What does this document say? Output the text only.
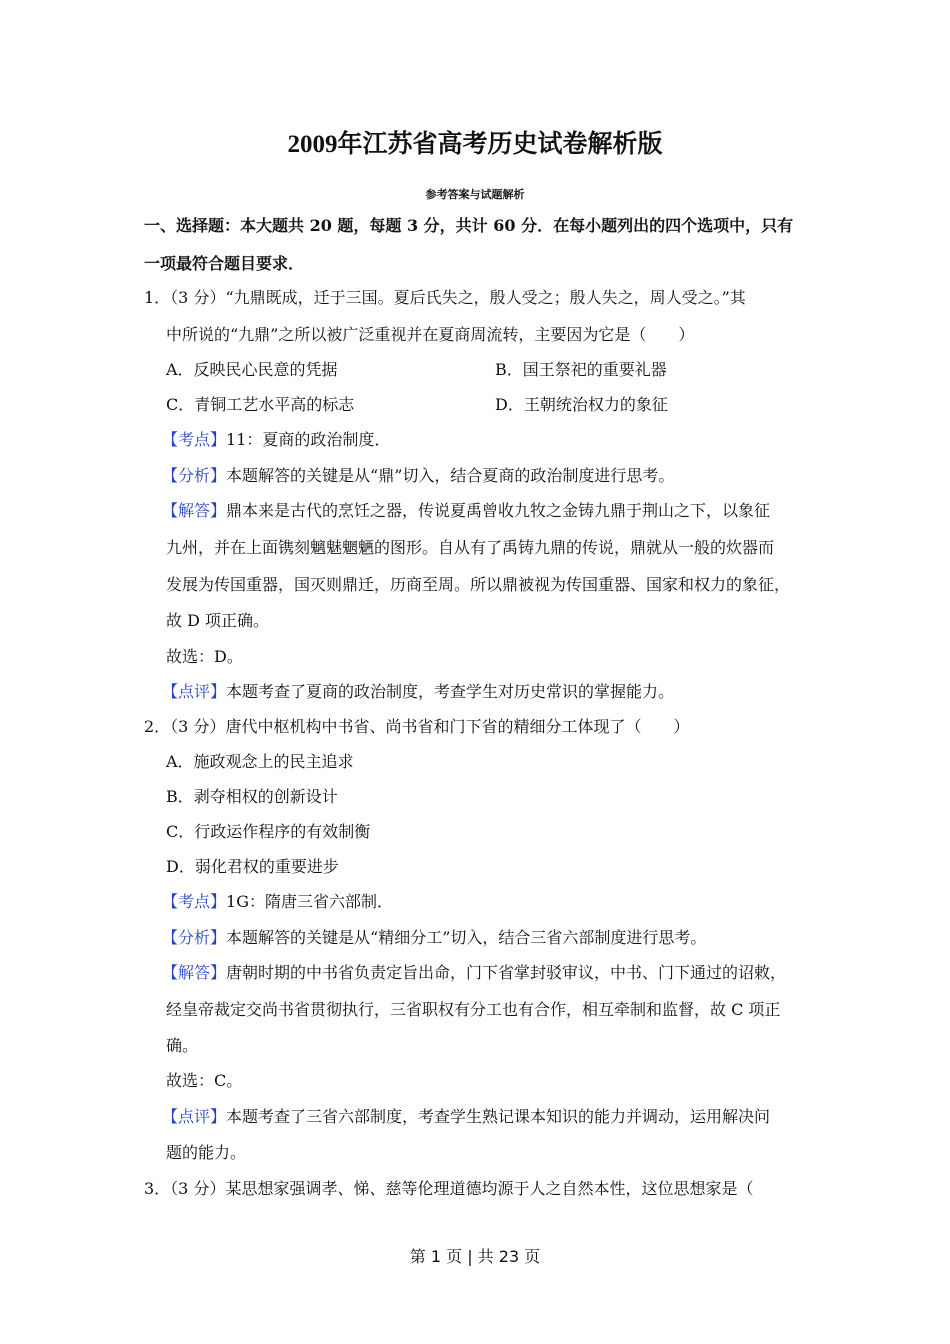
2009年江苏省高考历史试卷解析版
参考答案与试题解析
一、选择题：本大题共 20 题，每题 3 分，共计 60 分．在每小题列出的四个选项中，只有
一项最符合题目要求．
1．（3 分）“九鼎既成，迁于三国。夏后氏失之，殷人受之；殷人失之，周人受之。”其
中所说的“九鼎”之所以被广泛重视并在夏商周流转，主要因为它是（　　）
A．反映民心民意的凭据	B．国王祭祀的重要礼器
C．青铜工艺水平高的标志	D．王朝统治权力的象征
【考点】11：夏商的政治制度．
【分析】本题解答的关键是从“鼎”切入，结合夏商的政治制度进行思考。
【解答】鼎本来是古代的烹饪之器，传说夏禹曾收九牧之金铸九鼎于荆山之下，以象征
九州，并在上面镌刻魑魅魍魉的图形。自从有了禹铸九鼎的传说，鼎就从一般的炊器而
发展为传国重器，国灭则鼎迁，历商至周。所以鼎被视为传国重器、国家和权力的象征，
故 D 项正确。
故选：D。
【点评】本题考查了夏商的政治制度，考查学生对历史常识的掌握能力。
2．（3 分）唐代中枢机构中书省、尚书省和门下省的精细分工体现了（　　）
A．施政观念上的民主追求
B．剥夺相权的创新设计
C．行政运作程序的有效制衡
D．弱化君权的重要进步
【考点】1G：隋唐三省六部制．
【分析】本题解答的关键是从“精细分工”切入，结合三省六部制度进行思考。
【解答】唐朝时期的中书省负责定旨出命，门下省掌封驳审议，中书、门下通过的诏敕，
经皇帝裁定交尚书省贯彻执行，三省职权有分工也有合作，相互牵制和监督，故 C 项正
确。
故选：C。
【点评】本题考查了三省六部制度，考查学生熟记课本知识的能力并调动，运用解决问
题的能力。
3．（3 分）某思想家强调孝、悌、慈等伦理道德均源于人之自然本性，这位思想家是（
第 1 页 | 共 23 页
